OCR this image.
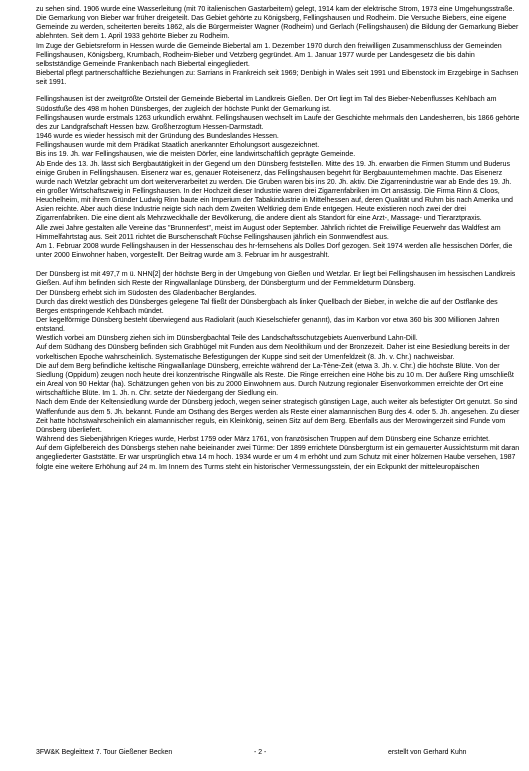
zu sehen sind. 1906 wurde eine Wasserleitung (mit 70 italienischen Gastarbeitern) gelegt, 1914 kam der elektrische Strom, 1973 eine Umgehungsstraße.

Die Gemarkung von Bieber war früher dreigeteilt. Das Gebiet gehörte zu Königsberg, Fellingshausen und Rodheim. Die Versuche Biebers, eine eigene Gemeinde zu werden, scheiterten bereits 1862, als die Bürgermeister Wagner (Rodheim) und Gerlach (Fellingshausen) die Bildung der Gemarkung Bieber ablehnten. Seit dem 1. April 1933 gehörte Bieber zu Rodheim.

Im Zuge der Gebietsreform in Hessen wurde die Gemeinde Biebertal am 1. Dezember 1970 durch den freiwilligen Zusammenschluss der Gemeinden Fellingshausen, Königsberg, Krumbach, Rodheim-Bieber und Vetzberg gegründet. Am 1. Januar 1977 wurde per Landesgesetz die bis dahin selbstständige Gemeinde Frankenbach nach Biebertal eingegliedert.

Biebertal pflegt partnerschaftliche Beziehungen zu: Sarrians in Frankreich seit 1969; Denbigh in Wales seit 1991 und Eibenstock im Erzgebirge in Sachsen seit 1991.

Fellingshausen ist der zweitgrößte Ortsteil der Gemeinde Biebertal im Landkreis Gießen. Der Ort liegt im Tal des Bieber-Nebenflusses Kehlbach am Südostfuße des 498 m hohen Dünsberges, der zugleich der höchste Punkt der Gemarkung ist.

Fellingshausen wurde erstmals 1263 urkundlich erwähnt. Fellingshausen wechselt im Laufe der Geschichte mehrmals den Landesherren, bis 1866 gehörte des zur Landgrafschaft Hessen bzw. Großherzogtum Hessen-Darmstadt.

1946 wurde es wieder hessisch mit der Gründung des Bundeslandes Hessen.

Fellingshausen wurde mit dem Prädikat Staatlich anerkannter Erholungsort ausgezeichnet.

Bis ins 19. Jh. war Fellingshausen, wie die meisten Dörfer, eine landwirtschaftlich geprägte Gemeinde.

Ab Ende des 13. Jh. lässt sich Bergbautätigkeit in der Gegend um den Dünsberg feststellen. Mitte des 19. Jh. erwarben die Firmen Stumm und Buderus einige Gruben in Fellingshausen. Eisenerz war es, genauer Roteisenerz, das Fellingshausen begehrt für Bergbauunternehmen machte. Das Eisenerz wurde nach Wetzlar gebracht um dort weiterverarbeitet zu werden. Die Gruben waren bis ins 20. Jh. aktiv. Die Zigarrenindustrie war ab Ende des 19. Jh. ein großer Wirtschaftszweig in Fellingshausen. In der Hochzeit dieser Industrie waren drei Zigarrenfabriken im Ort ansässig. Die Firma Rinn & Cloos, Heuchelheim, mit ihrem Gründer Ludwig Rinn baute ein Imperium der Tabakindustrie in Mittelhessen auf, deren Qualität und Ruhm bis nach Amerika und Asien reichte. Aber auch diese Industrie neigte sich nach dem Zweiten Weltkrieg dem Ende entgegen. Heute existieren noch zwei der drei Zigarrenfabriken. Die eine dient als Mehrzweckhalle der Bevölkerung, die andere dient als Standort für eine Arzt-, Massage- und Tierarztpraxis.

Alle zwei Jahre gestalten alle Vereine das "Brunnenfest", meist im August oder September. Jährlich richtet die Freiwillige Feuerwehr das Waldfest am Himmelfahrtstag aus. Seit 2011 richtet die Burschenschaft Füchse Fellingshausen jährlich ein Sonnwendfest aus.

Am 1. Februar 2008 wurde Fellingshausen in der Hessenschau des hr-fernsehens als Dolles Dorf gezogen. Seit 1974 werden alle hessischen Dörfer, die unter 2000 Einwohner haben, vorgestellt. Der Beitrag wurde am 3. Februar im hr ausgestrahlt.

Der Dünsberg ist mit 497,7 m ü. NHN[2] der höchste Berg in der Umgebung von Gießen und Wetzlar. Er liegt bei Fellingshausen im hessischen Landkreis Gießen. Auf ihm befinden sich Reste der Ringwallanlage Dünsberg, der Dünsbergturm und der Fernmeldeturm Dünsberg.

Der Dünsberg erhebt sich im Südosten des Gladenbacher Berglandes.

Durch das direkt westlich des Dünsberges gelegene Tal fließt der Dünsbergbach als linker Quellbach der Bieber, in welche die auf der Ostflanke des Berges entspringende Kehlbach mündet.

Der kegelförmige Dünsberg besteht überwiegend aus Radiolarit (auch Kieselschiefer genannt), das im Karbon vor etwa 360 bis 300 Millionen Jahren entstand.

Westlich vorbei am Dünsberg ziehen sich im Dünsbergbachtal Teile des Landschaftsschutzgebiets Auenverbund Lahn-Dill.

Auf dem Südhang des Dünsberg befinden sich Grabhügel mit Funden aus dem Neolithikum und der Bronzezeit. Daher ist eine Besiedlung bereits in der vorkeltischen Epoche wahrscheinlich. Systematische Befestigungen der Kuppe sind seit der Urnenfeldzeit (8. Jh. v. Chr.) nachweisbar.

Die auf dem Berg befindliche keltische Ringwallanlage Dünsberg, erreichte während der La-Tène-Zeit (etwa 3. Jh. v. Chr.) die höchste Blüte. Von der Siedlung (Oppidum) zeugen noch heute drei konzentrische Ringwälle als Reste. Die Ringe erreichen eine Höhe bis zu 10 m. Der äußere Ring umschließt ein Areal von 90 Hektar (ha). Schätzungen gehen von bis zu 2000 Einwohnern aus. Durch Nutzung regionaler Eisenvorkommen erreichte der Ort eine wirtschaftliche Blüte. Im 1. Jh. n. Chr. setzte der Niedergang der Siedlung ein.

Nach dem Ende der Keltensiedlung wurde der Dünsberg jedoch, wegen seiner strategisch günstigen Lage, auch weiter als befestigter Ort genutzt. So sind Waffenfunde aus dem 5. Jh. bekannt. Funde am Osthang des Berges werden als Reste einer alamannischen Burg des 4. oder 5. Jh. angesehen. Zu dieser Zeit hatte höchstwahrscheinlich ein alamannischer reguls, ein Kleinkönig, seinen Sitz auf dem Berg. Ebenfalls aus der Merowingerzeit sind Funde vom Dünsberg überliefert.

Während des Siebenjährigen Krieges wurde, Herbst 1759 oder März 1761, von französischen Truppen auf dem Dünsberg eine Schanze errichtet.

Auf dem Gipfelbereich des Dünsbergs stehen nahe beieinander zwei Türme: Der 1899 errichtete Dünsbergturm ist ein gemauerter Aussichtsturm mit daran angegliederter Gaststätte. Er war ursprünglich etwa 14 m hoch. 1934 wurde er um 4 m erhöht und zum Schutz mit einer hölzernen Haube versehen, 1987 folgte eine weitere Erhöhung auf 24 m. Im Innern des Turms steht ein historischer Vermessungsstein, der ein Eckpunkt der mitteleuropäischen

3FW&K Begleittext 7. Tour Gießener Becken	- 2 -	erstellt von Gerhard Kuhn
